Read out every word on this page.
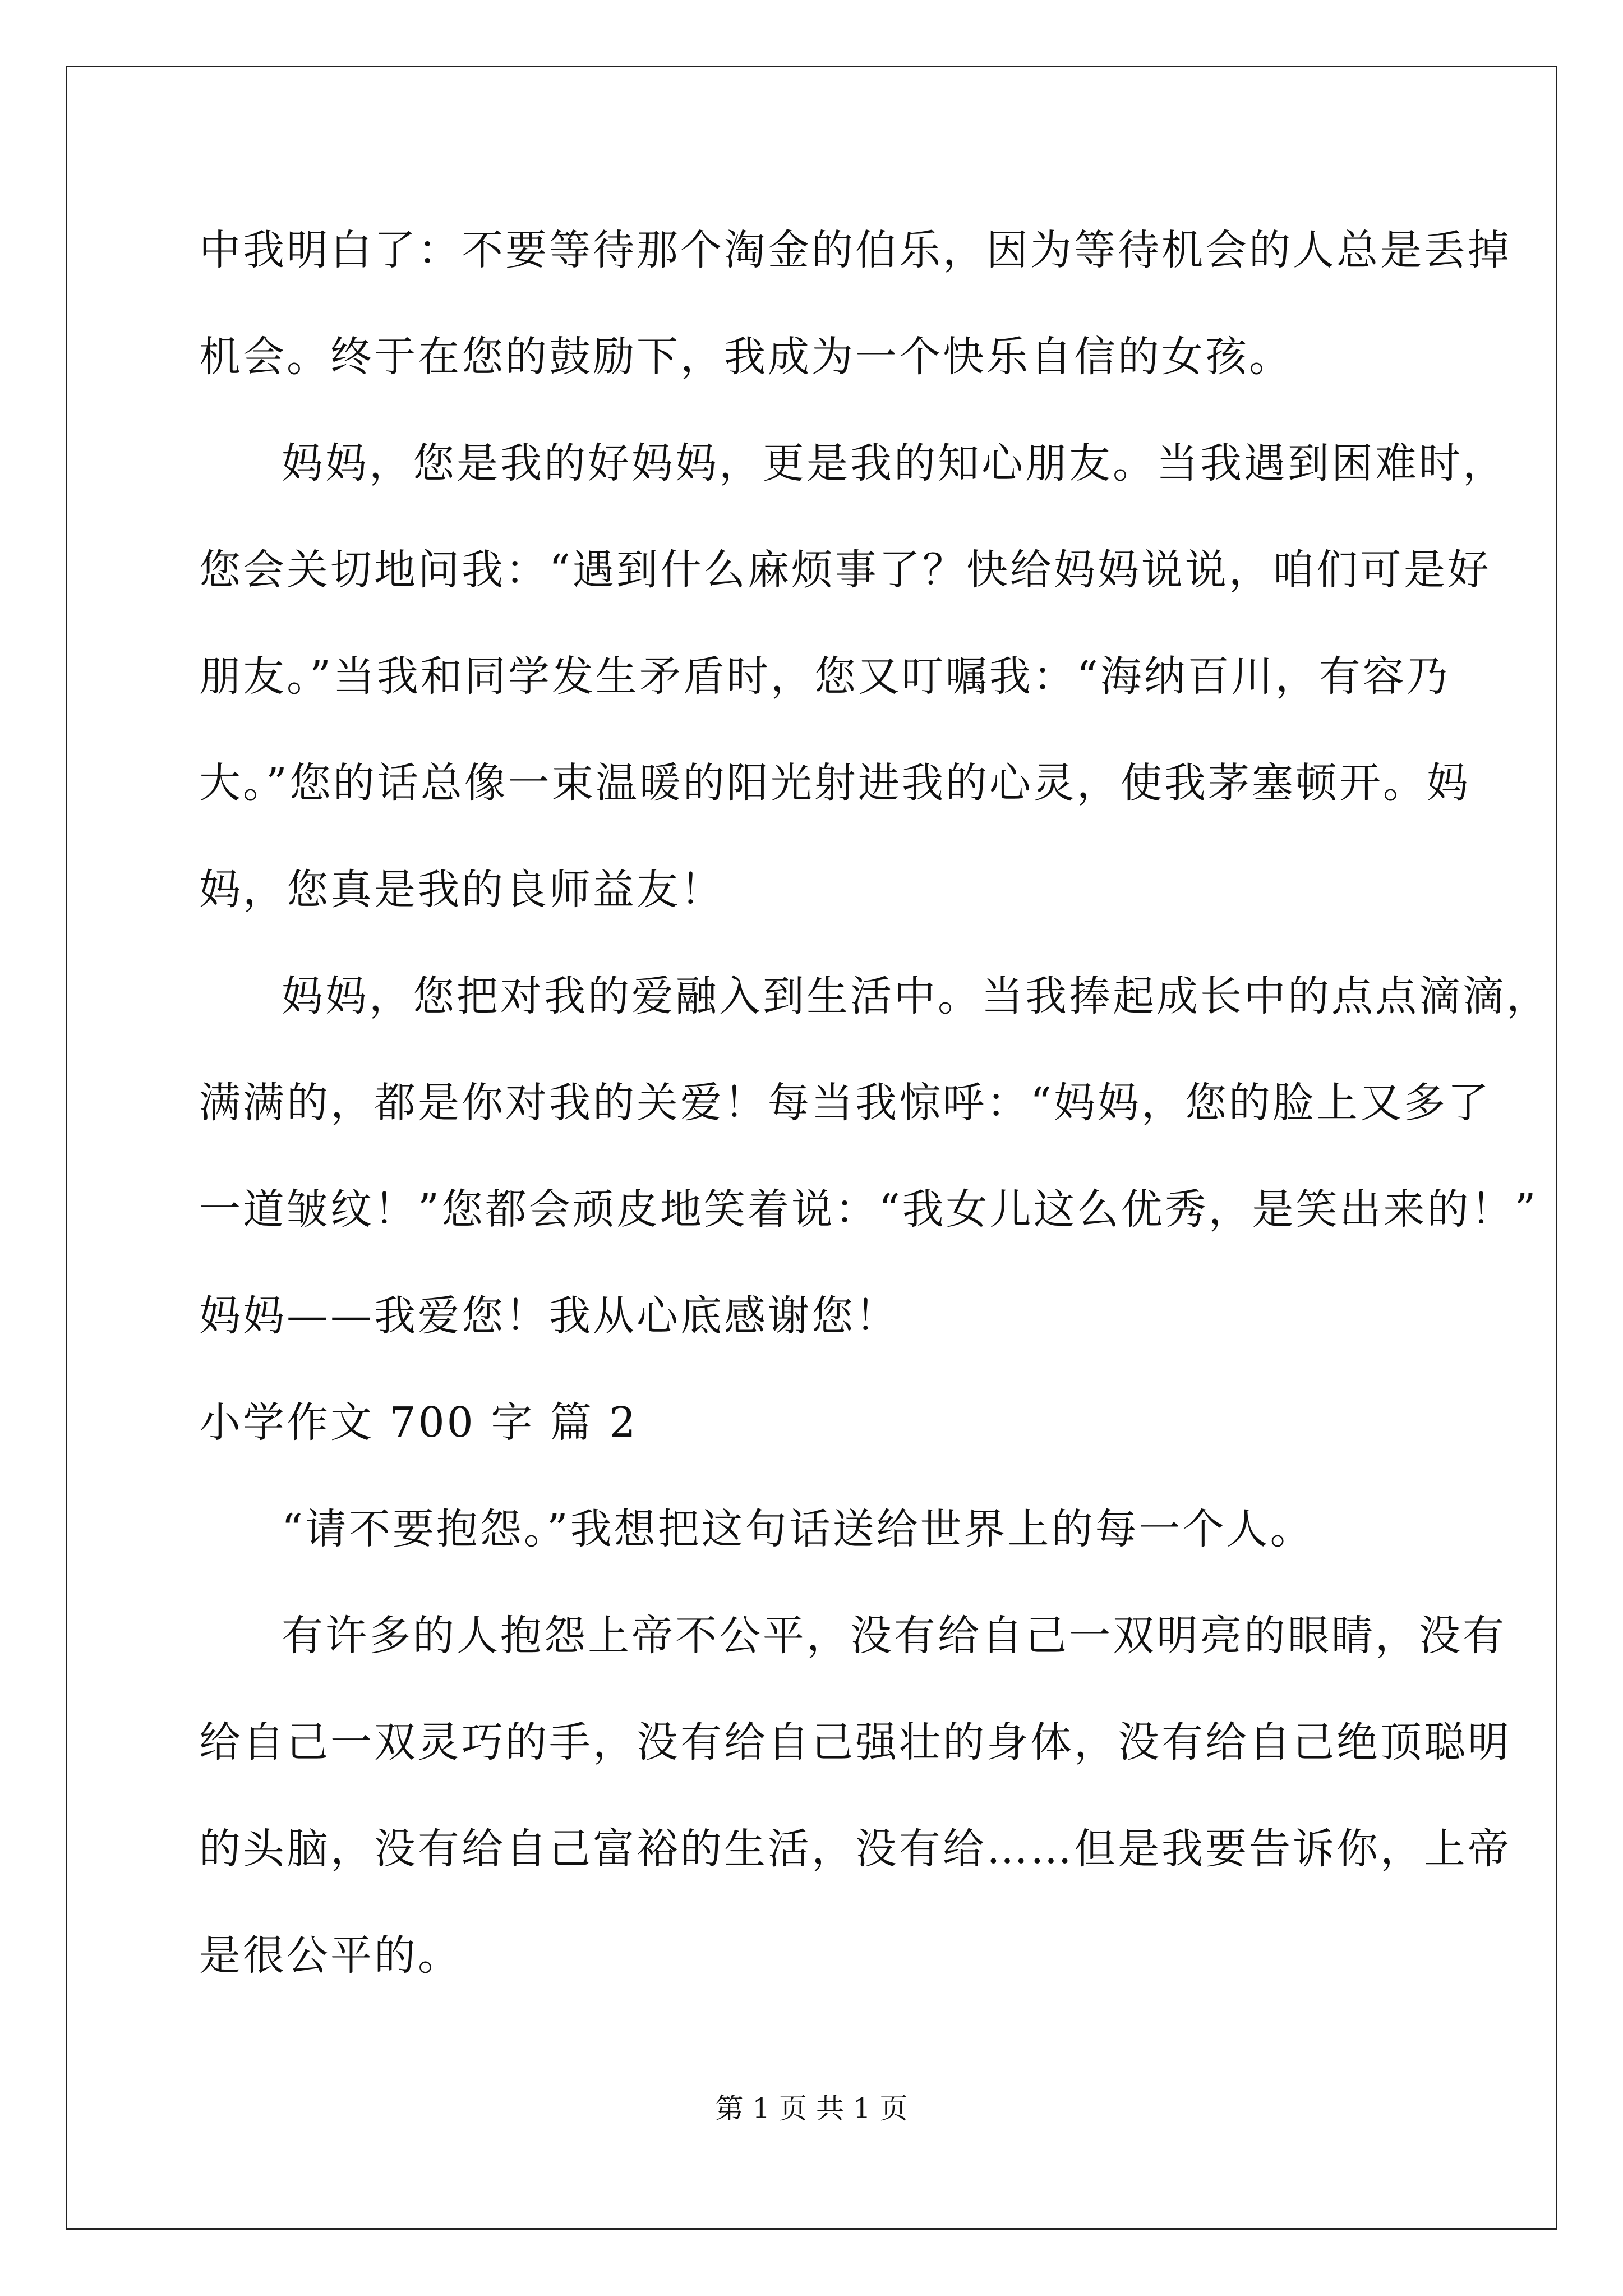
中我明白了：不要等待那个淘金的伯乐，因为等待机会的人总是丢掉
机会。终于在您的鼓励下，我成为一个快乐自信的女孩。
妈妈，您是我的好妈妈，更是我的知心朋友。当我遇到困难时，
您会关切地问我：“遇到什么麻烦事了？快给妈妈说说，咱们可是好
朋友。”当我和同学发生矛盾时，您又叮嘱我：“海纳百川，有容乃
大。”您的话总像一束温暖的阳光射进我的心灵，使我茅塞顿开。妈
妈，您真是我的良师益友！
妈妈，您把对我的爱融入到生活中。当我捧起成长中的点点滴滴，
满满的，都是你对我的关爱！每当我惊呼：“妈妈，您的脸上又多了
一道皱纹！”您都会顽皮地笑着说：“我女儿这么优秀，是笑出来的！”
妈妈——我爱您！我从心底感谢您！
小学作文 700 字 篇 2
“请不要抱怨。”我想把这句话送给世界上的每一个人。
有许多的人抱怨上帝不公平，没有给自己一双明亮的眼睛，没有
给自己一双灵巧的手，没有给自己强壮的身体，没有给自己绝顶聪明
的头脑，没有给自己富裕的生活，没有给……但是我要告诉你，上帝
是很公平的。
第 1 页 共 1 页
